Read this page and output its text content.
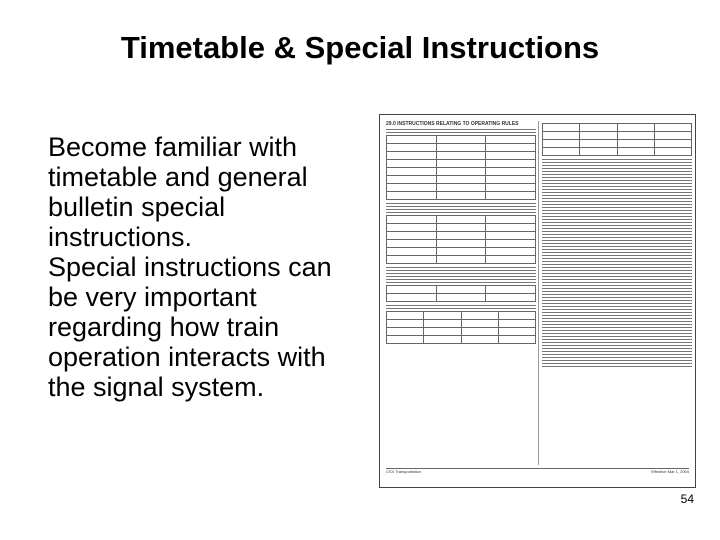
Timetable & Special Instructions

Become familiar with timetable and general bulletin special instructions.

Special instructions can be very important regarding how train operation interacts with the signal system.

29.0 INSTRUCTIONS RELATING TO OPERATING RULES

CSX Transportation	Effective Mar 1, 2004
54
